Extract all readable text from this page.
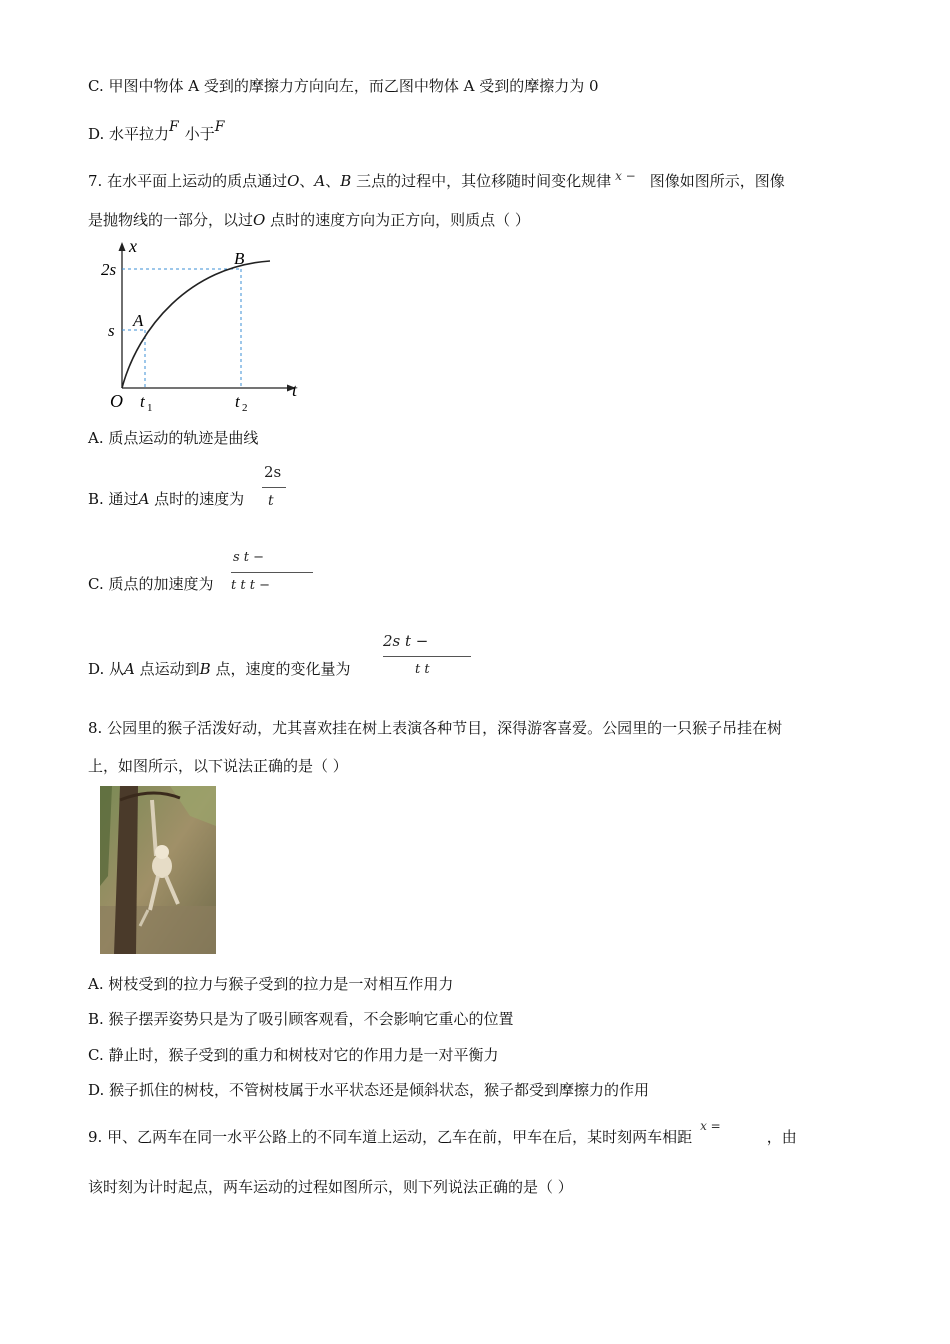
C. 甲图中物体 A 受到的摩擦力方向向左，而乙图中物体 A 受到的摩擦力为 0
D. 水平拉力F 小于F
7. 在水平面上运动的质点通过O、A、B 三点的过程中，其位移随时间变化规律 $^{x -}$ 图像如图所示，图像
是抛物线的一部分，以过O 点时的速度方向为正方向，则质点（ ）
x
t
O
2s
s
A
B
t 1	t 2
A. 质点运动的轨迹是曲线
B. 通过A 点时的速度为
2s
t
C. 质点的加速度为
s t −
t t t −
D. 从A 点运动到B 点，速度的变化量为
2s t −
t t
8. 公园里的猴子活泼好动，尤其喜欢挂在树上表演各种节目，深得游客喜爱。公园里的一只猴子吊挂在树
上，如图所示，以下说法正确的是（ ）
A. 树枝受到的拉力与猴子受到的拉力是一对相互作用力
B. 猴子摆弄姿势只是为了吸引顾客观看，不会影响它重心的位置
C. 静止时，猴子受到的重力和树枝对它的作用力是一对平衡力
D. 猴子抓住的树枝，不管树枝属于水平状态还是倾斜状态，猴子都受到摩擦力的作用
9. 甲、乙两车在同一水平公路上的不同车道上运动，乙车在前，甲车在后，某时刻两车相距$^{x =}$，由
该时刻为计时起点，两车运动的过程如图所示，则下列说法正确的是（ ）
